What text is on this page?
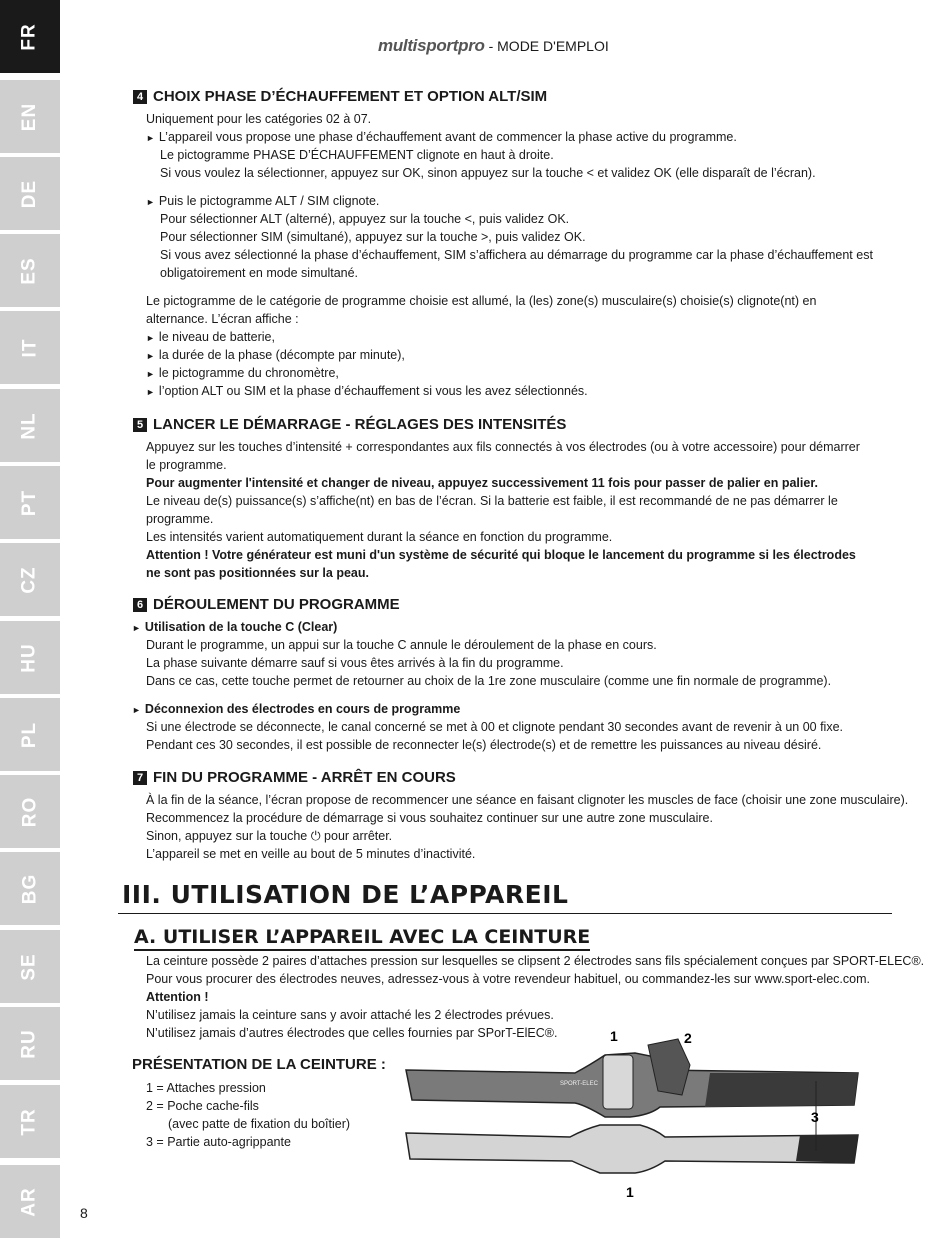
FR
EN
DE
ES
IT
NL
PT
CZ
HU
PL
RO
BG
SE
RU
TR
AR
multisportpro - MODE D'EMPLOI
4 CHOIX PHASE D’ÉCHAUFFEMENT ET OPTION ALT/SIM
Uniquement pour les catégories 02 à 07.
► L’appareil vous propose une phase d’échauffement avant de commencer la phase active du programme.
Le pictogramme PHASE D’ÉCHAUFFEMENT clignote en haut à droite.
Si vous voulez la sélectionner, appuyez sur OK, sinon appuyez sur la touche < et validez OK (elle disparaît de l’écran).
► Puis le pictogramme ALT / SIM clignote.
Pour sélectionner ALT (alterné), appuyez sur la touche <, puis validez OK.
Pour sélectionner SIM (simultané), appuyez sur la touche >, puis validez OK.
Si vous avez sélectionné la phase d’échauffement, SIM s’affichera au démarrage du programme car la phase d’échauffement est
obligatoirement en mode simultané.
Le pictogramme de le catégorie de programme choisie est allumé, la (les) zone(s) musculaire(s) choisie(s) clignote(nt) en
alternance. L’écran affiche :
► le niveau de batterie,
► la durée de la phase (décompte par minute),
► le pictogramme du chronomètre,
► l’option ALT ou SIM et la phase d’échauffement si vous les avez sélectionnés.
5 LANCER LE DÉMARRAGE - RÉGLAGES DES INTENSITÉS
Appuyez sur les touches d’intensité + correspondantes aux fils connectés à vos électrodes (ou à votre accessoire) pour démarrer
le programme.
Pour augmenter l'intensité et changer de niveau, appuyez successivement 11 fois pour passer de palier en palier.
Le niveau de(s) puissance(s) s’affiche(nt) en bas de l’écran. Si la batterie est faible, il est recommandé de ne pas démarrer le
programme.
Les intensités varient automatiquement durant la séance en fonction du programme.
Attention ! Votre générateur est muni d'un système de sécurité qui bloque le lancement du programme si les électrodes
ne sont pas positionnées sur la peau.
6 DÉROULEMENT DU PROGRAMME
► Utilisation de la touche C (Clear)
Durant le programme, un appui sur la touche C annule le déroulement de la phase en cours.
La phase suivante démarre sauf si vous êtes arrivés à la fin du programme.
Dans ce cas, cette touche permet de retourner au choix de la 1re zone musculaire (comme une fin normale de programme).
► Déconnexion des électrodes en cours de programme
Si une électrode se déconnecte, le canal concerné se met à 00 et clignote pendant 30 secondes avant de revenir à un 00 fixe.
Pendant ces 30 secondes, il est possible de reconnecter le(s) électrode(s) et de remettre les puissances au niveau désiré.
7 FIN DU PROGRAMME - ARRÊT EN COURS
À la fin de la séance, l’écran propose de recommencer une séance en faisant clignoter les muscles de face (choisir une zone musculaire).
Recommencez la procédure de démarrage si vous souhaitez continuer sur une autre zone musculaire.
Sinon, appuyez sur la touche ⏻ pour arrêter.
L’appareil se met en veille au bout de 5 minutes d’inactivité.
III. UTILISATION DE L’APPAREIL
A. UTILISER L’APPAREIL AVEC LA CEINTURE
La ceinture possède 2 paires d’attaches pression sur lesquelles se clipsent 2 électrodes sans fils spécialement conçues par SPORT-ELEC®.
Pour vous procurer des électrodes neuves, adressez-vous à votre revendeur habituel, ou commandez-les sur www.sport-elec.com.
Attention !
N’utilisez jamais la ceinture sans y avoir attaché les 2 électrodes prévues.
N’utilisez jamais d’autres électrodes que celles fournies par SPorT-ElEC®.
PRÉSENTATION DE LA CEINTURE :
1 = Attaches pression
2 = Poche cache-fils
(avec patte de fixation du boîtier)
3 = Partie auto-agrippante
1	2
3
1
SPORT-ELEC
8
